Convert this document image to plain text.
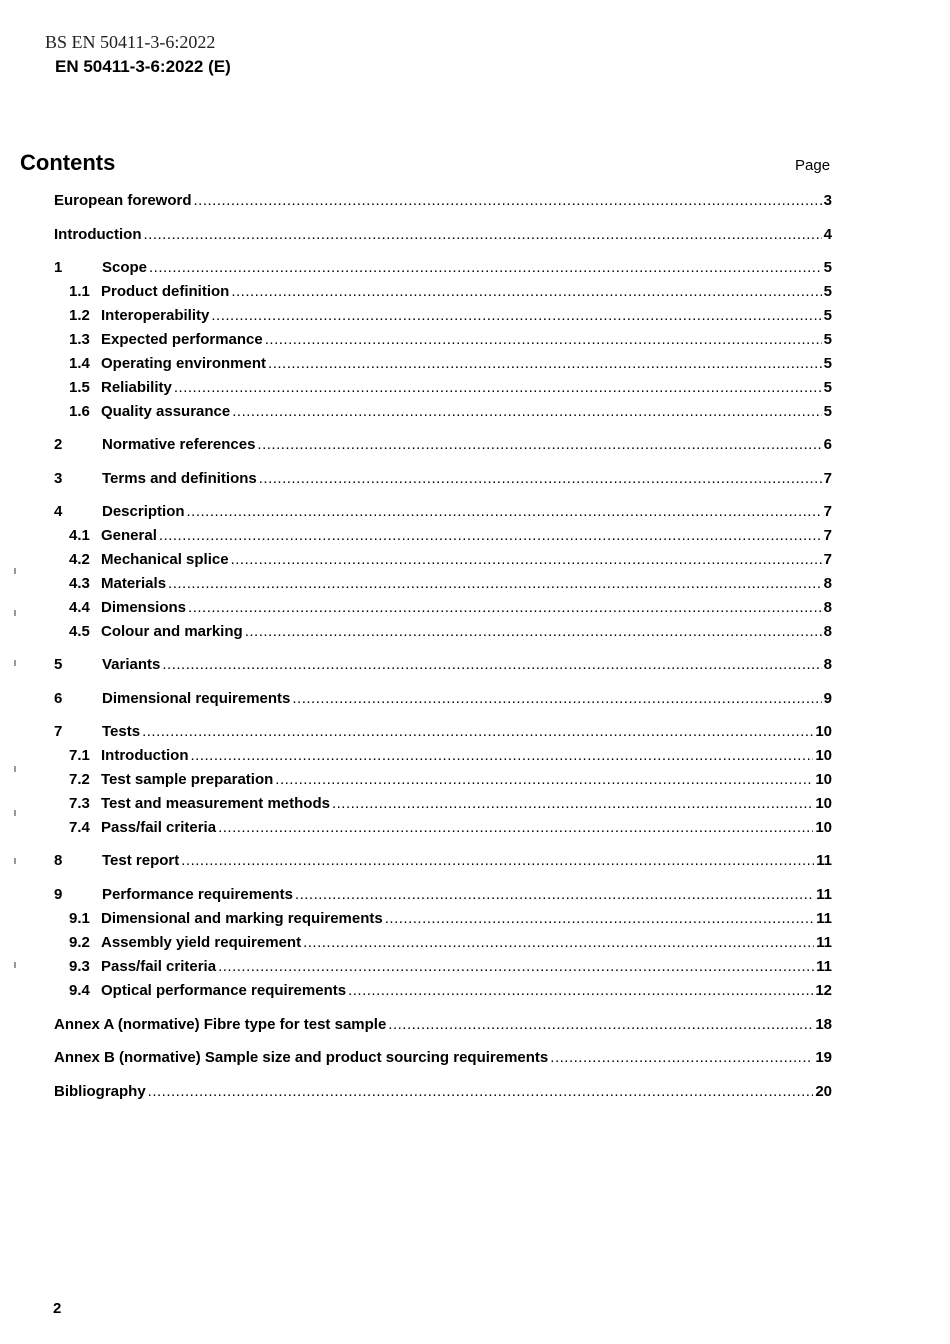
BS EN 50411-3-6:2022
EN 50411-3-6:2022 (E)
Contents	Page
European foreword .....	3
Introduction .....	4
1	Scope .....	5
1.1 Product definition .....	5
1.2 Interoperability .....	5
1.3 Expected performance .....	5
1.4 Operating environment .....	5
1.5 Reliability .....	5
1.6 Quality assurance .....	5
2	Normative references .....	6
3	Terms and definitions .....	7
4	Description .....	7
4.1 General .....	7
4.2 Mechanical splice .....	7
4.3 Materials .....	8
4.4 Dimensions .....	8
4.5 Colour and marking .....	8
5	Variants .....	8
6	Dimensional requirements .....	9
7	Tests .....	10
7.1 Introduction .....	10
7.2 Test sample preparation .....	10
7.3 Test and measurement methods .....	10
7.4 Pass/fail criteria .....	10
8	Test report .....	11
9	Performance requirements .....	11
9.1 Dimensional and marking requirements .....	11
9.2 Assembly yield requirement .....	11
9.3 Pass/fail criteria .....	11
9.4 Optical performance requirements .....	12
Annex A (normative) Fibre type for test sample .....	18
Annex B (normative) Sample size and product sourcing requirements .....	19
Bibliography .....	20
2
